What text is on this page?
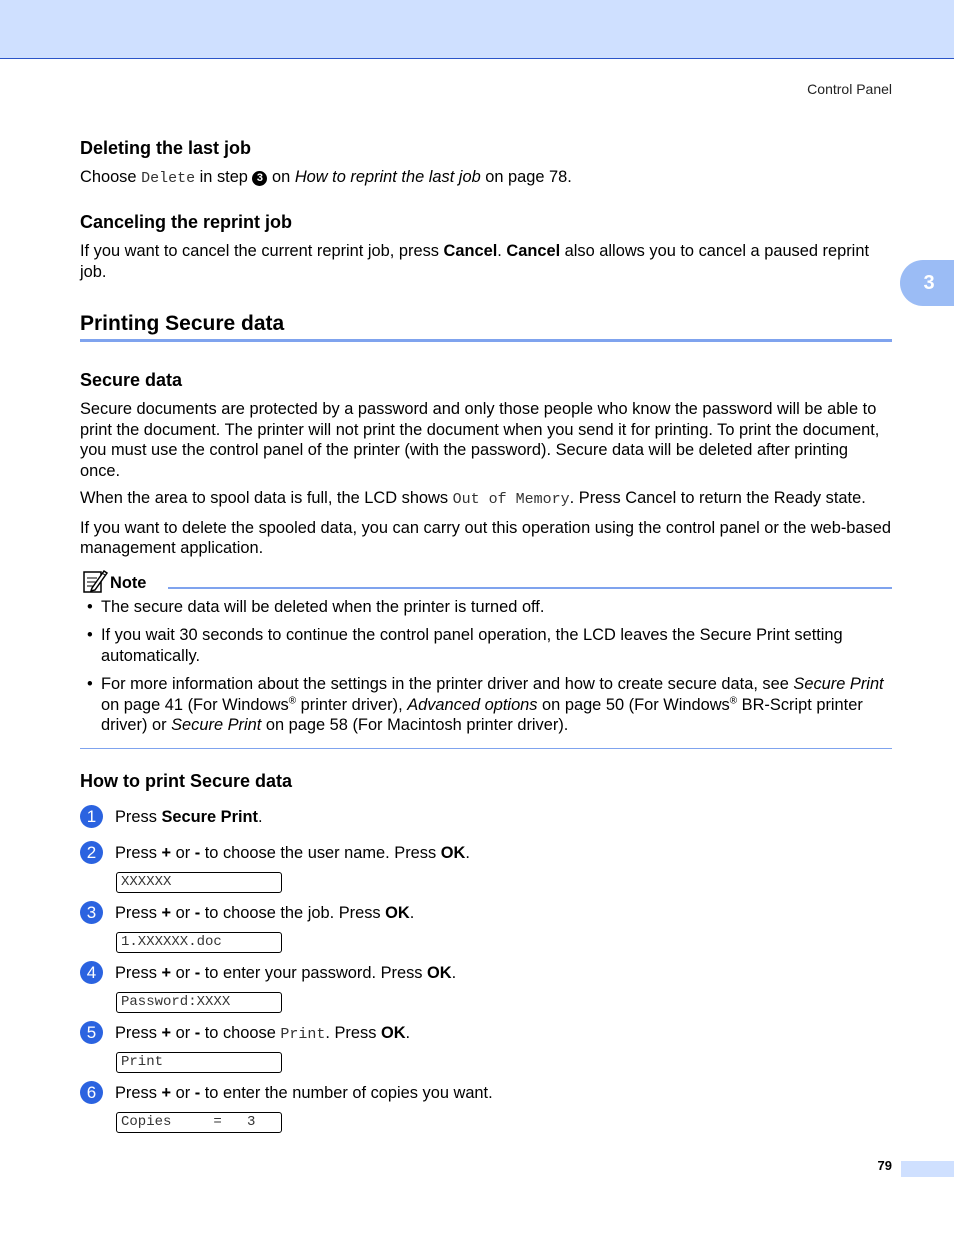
Control Panel
3
Deleting the last job

Choose Delete in step 3 on How to reprint the last job on page 78.

Canceling the reprint job

If you want to cancel the current reprint job, press Cancel. Cancel also allows you to cancel a paused reprint job.

Printing Secure data
Secure data

Secure documents are protected by a password and only those people who know the password will be able to print the document. The printer will not print the document when you send it for printing. To print the document, you must use the control panel of the printer (with the password). Secure data will be deleted after printing once.

When the area to spool data is full, the LCD shows Out of Memory. Press Cancel to return the Ready state.

If you want to delete the spooled data, you can carry out this operation using the control panel or the web-based management application.

Note
• The secure data will be deleted when the printer is turned off.

• If you wait 30 seconds to continue the control panel operation, the LCD leaves the Secure Print setting automatically.

• For more information about the settings in the printer driver and how to create secure data, see Secure Print on page 41 (For Windows® printer driver), Advanced options on page 50 (For Windows® BR-Script printer driver) or Secure Print on page 58 (For Macintosh printer driver).

How to print Secure data
1	Press Secure Print.
2	Press + or - to choose the user name. Press OK.
XXXXXX
3	Press + or - to choose the job. Press OK.
1.XXXXXX.doc
4	Press + or - to enter your password. Press OK.
Password:XXXX
5	Press + or - to choose Print. Press OK.
Print
6	Press + or - to enter the number of copies you want.
Copies     =   3
79
